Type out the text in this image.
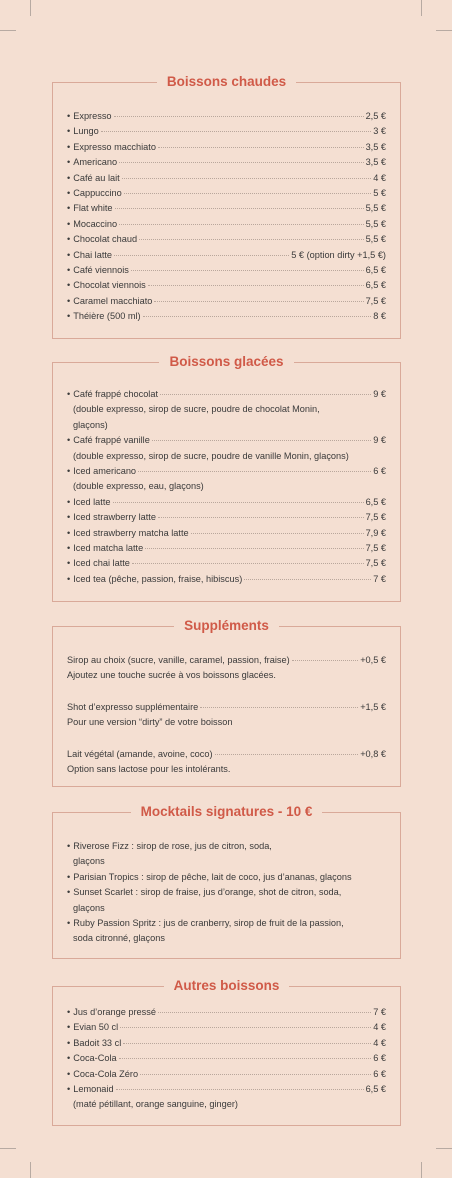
Boissons chaudes
• Expresso	2,5 €
• Lungo	3 €
• Expresso macchiato	3,5 €
• Americano	3,5 €
• Café au lait	4 €
• Cappuccino	5 €
• Flat white	5,5 €
• Mocaccino	5,5 €
• Chocolat chaud	5,5 €
• Chai latte	5 € (option dirty +1,5 €)
• Café viennois	6,5 €
• Chocolat viennois	6,5 €
• Caramel macchiato	7,5 €
• Théière (500 ml)	8 €
Boissons glacées
• Café frappé chocolat	9 €
(double expresso, sirop de sucre, poudre de chocolat Monin,
glaçons)
• Café frappé vanille	9 €
(double expresso, sirop de sucre, poudre de vanille Monin, glaçons)
• Iced americano	6 €
(double expresso, eau, glaçons)
• Iced latte	6,5 €
• Iced strawberry latte	7,5 €
• Iced strawberry matcha latte	7,9 €
• Iced matcha latte	7,5 €
• Iced chai latte	7,5 €
• Iced tea (pêche, passion, fraise, hibiscus)	7 €
Suppléments
Sirop au choix (sucre, vanille, caramel, passion, fraise)	+0,5 €
Ajoutez une touche sucrée à vos boissons glacées.
Shot d’expresso supplémentaire	+1,5 €
Pour une version “dirty” de votre boisson
Lait végétal (amande, avoine, coco)	+0,8 €
Option sans lactose pour les intolérants.
Mocktails signatures - 10 €
• Riverose Fizz : sirop de rose, jus de citron, soda,
glaçons
• Parisian Tropics : sirop de pêche, lait de coco, jus d’ananas, glaçons
• Sunset Scarlet : sirop de fraise, jus d’orange, shot de citron, soda,
glaçons
• Ruby Passion Spritz : jus de cranberry, sirop de fruit de la passion,
soda citronné, glaçons
Autres boissons
• Jus d’orange pressé	7 €
• Evian 50 cl	4 €
• Badoit 33 cl	4 €
• Coca-Cola	6 €
• Coca-Cola Zéro	6 €
• Lemonaid	6,5 €
(maté pétillant, orange sanguine, ginger)
